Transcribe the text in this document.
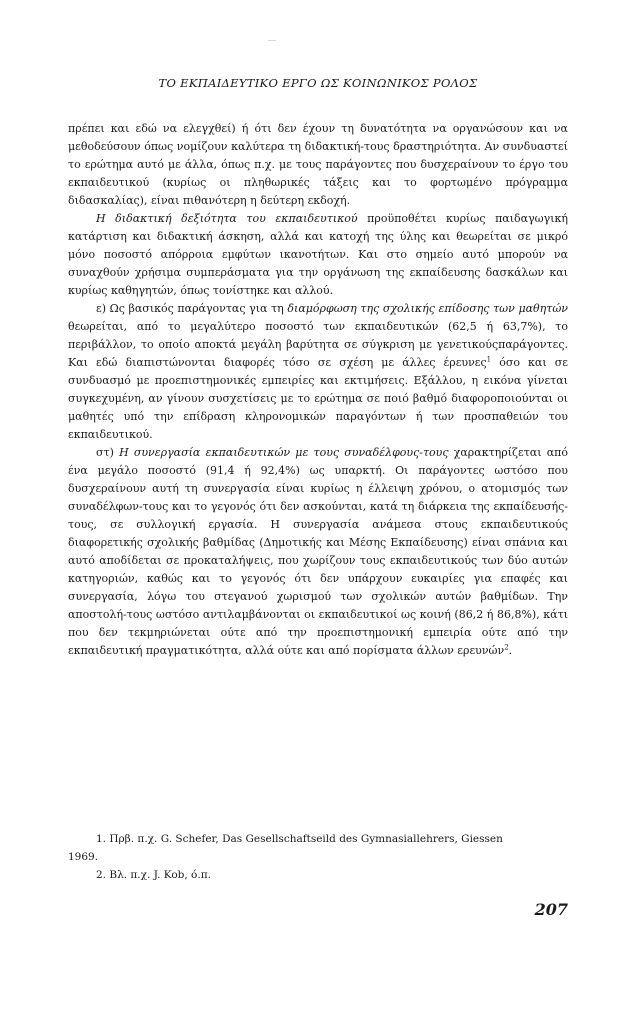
ΤΟ ΕΚΠΑΙΔΕΥΤΙΚΟ ΕΡΓΟ ΩΣ ΚΟΙΝΩΝΙΚΟΣ ΡΟΛΟΣ

πρέπει και εδώ να ελεγχθεί) ή ότι δεν έχουν τη δυνατότητα να οργανώσουν και να μεθοδεύσουν όπως νομίζουν καλύτερα τη διδακτική-τους δραστηριότητα. Αν συνδυαστεί το ερώτημα αυτό με άλλα, όπως π.χ. με τους παράγοντες που δυσχεραίνουν το έργο του εκπαιδευτικού (κυρίως οι πληθωρικές τάξεις και το φορτωμένο πρόγραμμα διδασκαλίας), είναι πιθανότερη η δεύτερη εκδοχή.

Η διδακτική δεξιότητα του εκπαιδευτικού προϋποθέτει κυρίως παιδαγωγική κατάρτιση και διδακτική άσκηση, αλλά και κατοχή της ύλης και θεωρείται σε μικρό μόνο ποσοστό απόρροια εμφύτων ικανοτήτων. Και στο σημείο αυτό μπορούν να συναχθούν χρήσιμα συμπεράσματα για την οργάνωση της εκπαίδευσης δασκάλων και κυρίως καθηγητών, όπως τονίστηκε και αλλού.

ε) Ως βασικός παράγοντας για τη διαμόρφωση της σχολικής επίδοσης των μαθητών θεωρείται, από το μεγαλύτερο ποσοστό των εκπαιδευτικών (62,5 ή 63,7%), το περιβάλλον, το οποίο αποκτά μεγάλη βαρύτητα σε σύγκριση με γενετικούςπαράγοντες. Και εδώ διαπιστώνονται διαφορές τόσο σε σχέση με άλλες έρευνες$^1$ όσο και σε συνδυασμό με προεπιστημονικές εμπειρίες και εκτιμήσεις. Εξάλλου, η εικόνα γίνεται συγκεχυμένη, αν γίνουν συσχετίσεις με το ερώτημα σε ποιό βαθμό διαφοροποιούνται οι μαθητές υπό την επίδραση κληρονομικών παραγόντων ή των προσπαθειών του εκπαιδευτικού.

στ) Η συνεργασία εκπαιδευτικών με τους συναδέλφους-τους χαρακτηρίζεται από ένα μεγάλο ποσοστό (91,4 ή 92,4%) ως υπαρκτή. Οι παράγοντες ωστόσο που δυσχεραίνουν αυτή τη συνεργασία είναι κυρίως η έλλειψη χρόνου, ο ατομισμός των συναδέλφων-τους και το γεγονός ότι δεν ασκούνται, κατά τη διάρκεια της εκπαίδευσής-τους, σε συλλογική εργασία. Η συνεργασία ανάμεσα στους εκπαιδευτικούς διαφορετικής σχολικής βαθμίδας (Δημοτικής και Μέσης Εκπαίδευσης) είναι σπάνια και αυτό αποδίδεται σε προκαταλήψεις, που χωρίζουν τους εκπαιδευτικούς των δύο αυτών κατηγοριών, καθώς και το γεγονός ότι δεν υπάρχουν ευκαιρίες για επαφές και συνεργασία, λόγω του στεγανού χωρισμού των σχολικών αυτών βαθμίδων. Την αποστολή-τους ωστόσο αντιλαμβάνονται οι εκπαιδευτικοί ως κοινή (86,2 ή 86,8%), κάτι που δεν τεκμηριώνεται ούτε από την προεπιστημονική εμπειρία ούτε από την εκπαιδευτική πραγματικότητα, αλλά ούτε και από πορίσματα άλλων ερευνών$^2$.

1. Πρβ. π.χ. G. Schefer, Das Gesellschaftseild des Gymnasiallehrers, Giessen

1969.

2. Βλ. π.χ. J. Kob, ό.π.

207
